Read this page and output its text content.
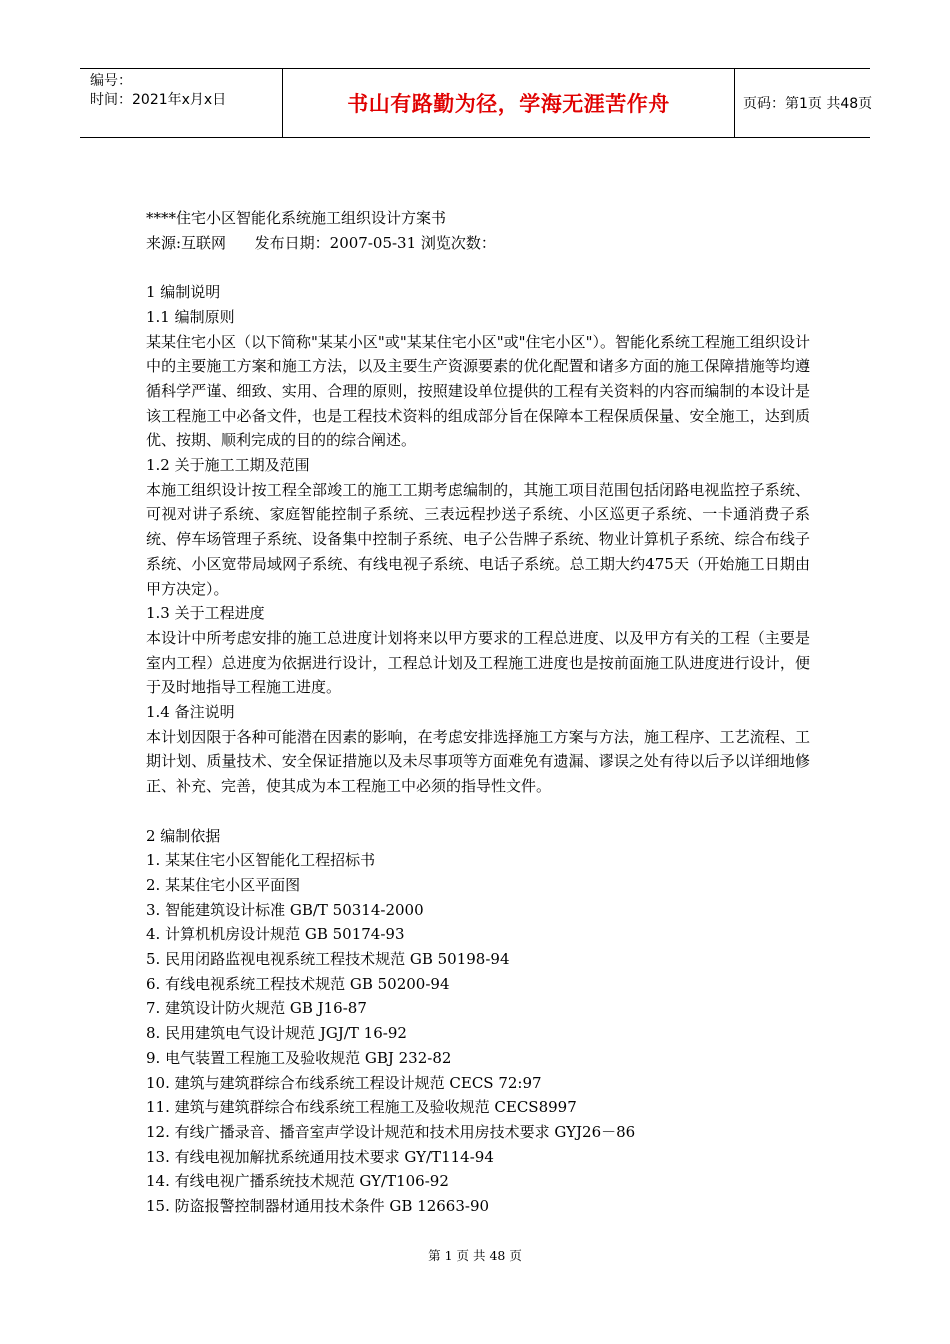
编号：
时间：2021年x月x日	书山有路勤为径，学海无涯苦作舟	页码：第1页 共48页

****住宅小区智能化系统施工组织设计方案书

来源:互联网      发布日期：2007-05-31 浏览次数：

1 编制说明

1.1 编制原则

某某住宅小区（以下简称"某某小区"或"某某住宅小区"或"住宅小区"）。智能化系统工程施工组织设计中的主要施工方案和施工方法，以及主要生产资源要素的优化配置和诸多方面的施工保障措施等均遵循科学严谨、细致、实用、合理的原则，按照建设单位提供的工程有关资料的内容而编制的本设计是该工程施工中必备文件，也是工程技术资料的组成部分旨在保障本工程保质保量、安全施工，达到质优、按期、顺利完成的目的的综合阐述。

1.2 关于施工工期及范围

本施工组织设计按工程全部竣工的施工工期考虑编制的，其施工项目范围包括闭路电视监控子系统、可视对讲子系统、家庭智能控制子系统、三表远程抄送子系统、小区巡更子系统、一卡通消费子系统、停车场管理子系统、设备集中控制子系统、电子公告牌子系统、物业计算机子系统、综合布线子系统、小区宽带局域网子系统、有线电视子系统、电话子系统。总工期大约475天（开始施工日期由甲方决定）。

1.3 关于工程进度

本设计中所考虑安排的施工总进度计划将来以甲方要求的工程总进度、以及甲方有关的工程（主要是室内工程）总进度为依据进行设计，工程总计划及工程施工进度也是按前面施工队进度进行设计，便于及时地指导工程施工进度。

1.4 备注说明

本计划因限于各种可能潜在因素的影响，在考虑安排选择施工方案与方法，施工程序、工艺流程、工期计划、质量技术、安全保证措施以及未尽事项等方面难免有遗漏、谬误之处有待以后予以详细地修正、补充、完善，使其成为本工程施工中必须的指导性文件。

2 编制依据

1. 某某住宅小区智能化工程招标书

2. 某某住宅小区平面图

3. 智能建筑设计标准 GB/T 50314-2000

4. 计算机机房设计规范 GB 50174-93

5. 民用闭路监视电视系统工程技术规范 GB 50198-94

6. 有线电视系统工程技术规范 GB 50200-94

7. 建筑设计防火规范 GB J16-87

8. 民用建筑电气设计规范 JGJ/T 16-92

9. 电气装置工程施工及验收规范 GBJ 232-82

10. 建筑与建筑群综合布线系统工程设计规范 CECS 72:97

11. 建筑与建筑群综合布线系统工程施工及验收规范 CECS8997

12. 有线广播录音、播音室声学设计规范和技术用房技术要求 GYJ26－86

13. 有线电视加解扰系统通用技术要求 GY/T114-94

14. 有线电视广播系统技术规范 GY/T106-92

15. 防盗报警控制器材通用技术条件 GB 12663-90

第 1 页 共 48 页
